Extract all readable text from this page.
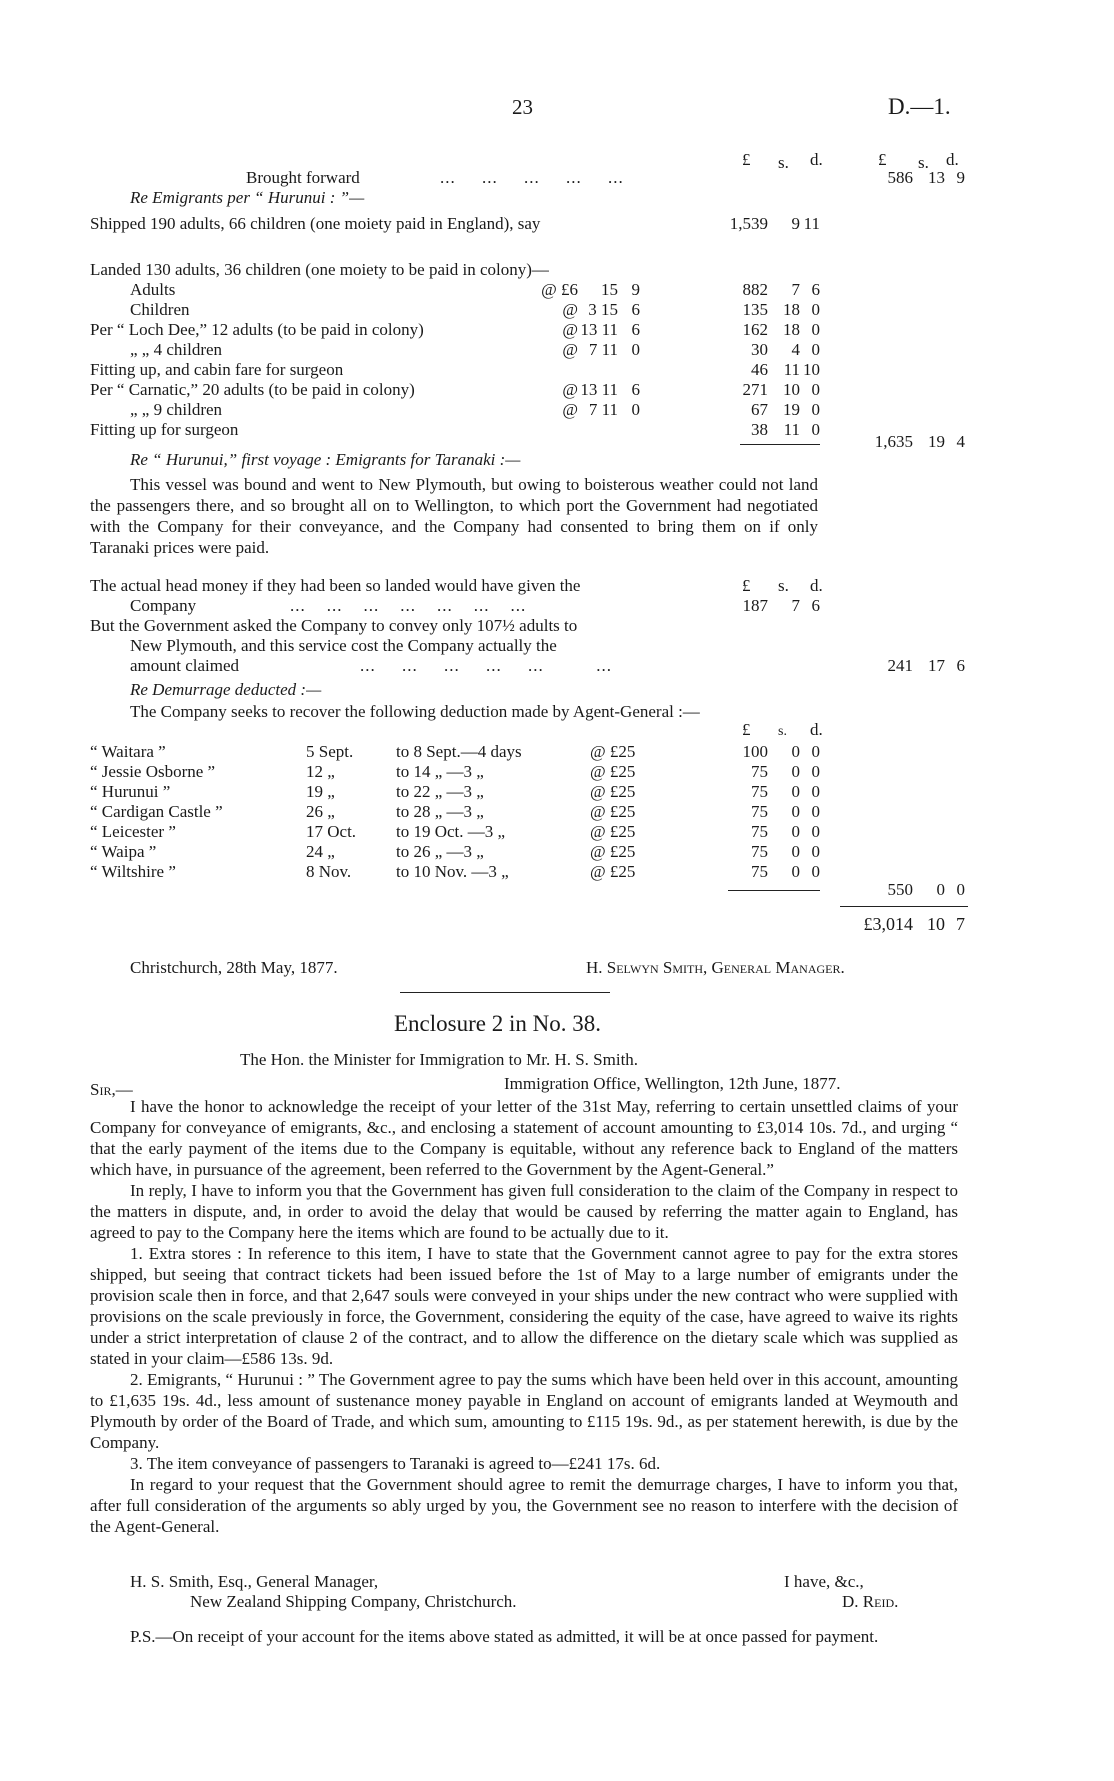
23	D.—1.
£ s. d.	£ s. d.
Brought forward	...     ...     ...     ...     ...	586 13 9
Re Emigrants per “ Hurunui : ”—
Shipped 190 adults, 66 children (one moiety paid in England), say	1,539 9 11
Landed 130 adults, 36 children (one moiety to be paid in colony)—
Adults	@ £6 15 9	882 7 6
Children	@ 3 15 6	135 18 0
Per “ Loch Dee,” 12 adults (to be paid in colony)	@ 13 11 6	162 18 0
„ „ 4 children	@ 7 11 0	30 4 0
Fitting up, and cabin fare for surgeon	46 11 10
Per “ Carnatic,” 20 adults (to be paid in colony)	@ 13 11 6	271 10 0
„ „ 9 children	@ 7 11 0	67 19 0
Fitting up for surgeon	38 11 0
1,635 19 4
Re “ Hurunui,” first voyage : Emigrants for Taranaki :—
This vessel was bound and went to New Plymouth, but owing to boisterous weather could not land the passengers there, and so brought all on to Wellington, to which port the Government had negotiated with the Company for their conveyance, and the Company had consented to bring them on if only Taranaki prices were paid.
The actual head money if they had been so landed would have given the	£ s. d.
Company	...    ...    ...    ...    ...    ...    ...	187 7 6
But the Government asked the Company to convey only 107½ adults to
New Plymouth, and this service cost the Company actually the
amount claimed	...     ...     ...     ...     ...          ...	241 17 6
Re Demurrage deducted :—
The Company seeks to recover the following deduction made by Agent-General :—
£ s. d.
“ Waitara ”	5 Sept.	to 8 Sept.—4 days	@ £25	100 0 0
“ Jessie Osborne ”	12 „	to 14 „ —3 „	@ £25	75 0 0
“ Hurunui ”	19 „	to 22 „ —3 „	@ £25	75 0 0
“ Cardigan Castle ”	26 „	to 28 „ —3 „	@ £25	75 0 0
“ Leicester ”	17 Oct. to 19 Oct. —3 „	@ £25	75 0 0
“ Waipa ”	24 „	to 26 „ —3 „	@ £25	75 0 0
“ Wiltshire ”	8 Nov.	to 10 Nov. —3 „	@ £25	75 0 0
550 0 0
£3,014 10 7
Christchurch, 28th May, 1877.	H. Selwyn Smith, General Manager.
Enclosure 2 in No. 38.
The Hon. the Minister for Immigration to Mr. H. S. Smith.
Sir,—	Immigration Office, Wellington, 12th June, 1877.
I have the honor to acknowledge the receipt of your letter of the 31st May, referring to certain unsettled claims of your Company for conveyance of emigrants, &c., and enclosing a statement of account amounting to £3,014 10s. 7d., and urging “ that the early payment of the items due to the Company is equitable, without any reference back to England of the matters which have, in pursuance of the agreement, been referred to the Government by the Agent-General.”
In reply, I have to inform you that the Government has given full consideration to the claim of the Company in respect to the matters in dispute, and, in order to avoid the delay that would be caused by referring the matter again to England, has agreed to pay to the Company here the items which are found to be actually due to it.
1. Extra stores : In reference to this item, I have to state that the Government cannot agree to pay for the extra stores shipped, but seeing that contract tickets had been issued before the 1st of May to a large number of emigrants under the provision scale then in force, and that 2,647 souls were conveyed in your ships under the new contract who were supplied with provisions on the scale previously in force, the Government, considering the equity of the case, have agreed to waive its rights under a strict interpretation of clause 2 of the contract, and to allow the difference on the dietary scale which was supplied as stated in your claim—£586 13s. 9d.
2. Emigrants, “ Hurunui : ” The Government agree to pay the sums which have been held over in this account, amounting to £1,635 19s. 4d., less amount of sustenance money payable in England on account of emigrants landed at Weymouth and Plymouth by order of the Board of Trade, and which sum, amounting to £115 19s. 9d., as per statement herewith, is due by the Company.
3. The item conveyance of passengers to Taranaki is agreed to—£241 17s. 6d.
In regard to your request that the Government should agree to remit the demurrage charges, I have to inform you that, after full consideration of the arguments so ably urged by you, the Government see no reason to interfere with the decision of the Agent-General.
H. S. Smith, Esq., General Manager,
New Zealand Shipping Company, Christchurch.
I have, &c.,
D. Reid.
P.S.—On receipt of your account for the items above stated as admitted, it will be at once passed for payment.
